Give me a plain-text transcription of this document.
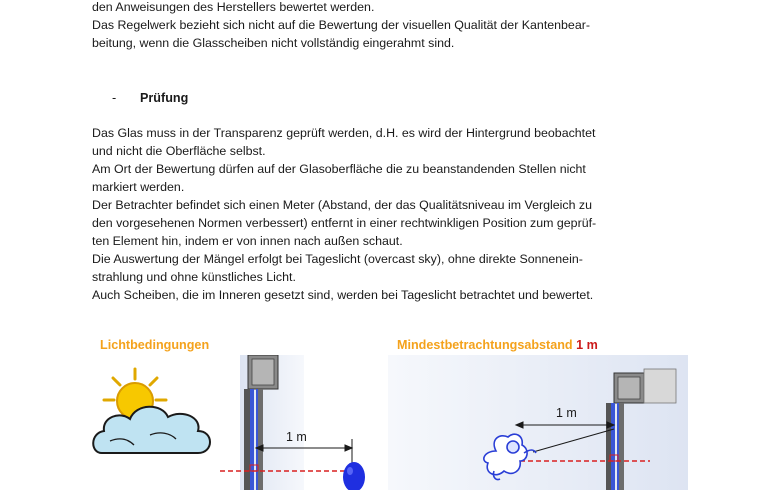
den Anweisungen des Herstellers bewertet werden.
Das Regelwerk bezieht sich nicht auf die Bewertung der visuellen Qualität der Kantenbear-
beitung, wenn die Glasscheiben nicht vollständig eingerahmt sind.
- Prüfung
Das Glas muss in der Transparenz geprüft werden, d.H. es wird der Hintergrund beobachtet
und nicht die Oberfläche selbst.
Am Ort der Bewertung dürfen auf der Glasoberfläche die zu beanstandenden Stellen nicht
markiert werden.
Der Betrachter befindet sich einen Meter (Abstand, der das Qualitätsniveau im Vergleich zu
den vorgesehenen Normen verbessert) entfernt in einer rechtwinkligen Position zum geprüf-
ten Element hin, indem er von innen nach außen schaut.
Die Auswertung der Mängel erfolgt bei Tageslicht (overcast sky), ohne direkte Sonnenein-
strahlung und ohne künstliches Licht.
Auch Scheiben, die im Inneren gesetzt sind, werden bei Tageslicht betrachtet und bewertet.
Lichtbedingungen	Mindestbetrachtungsabstand 1 m
1 m
1 m
